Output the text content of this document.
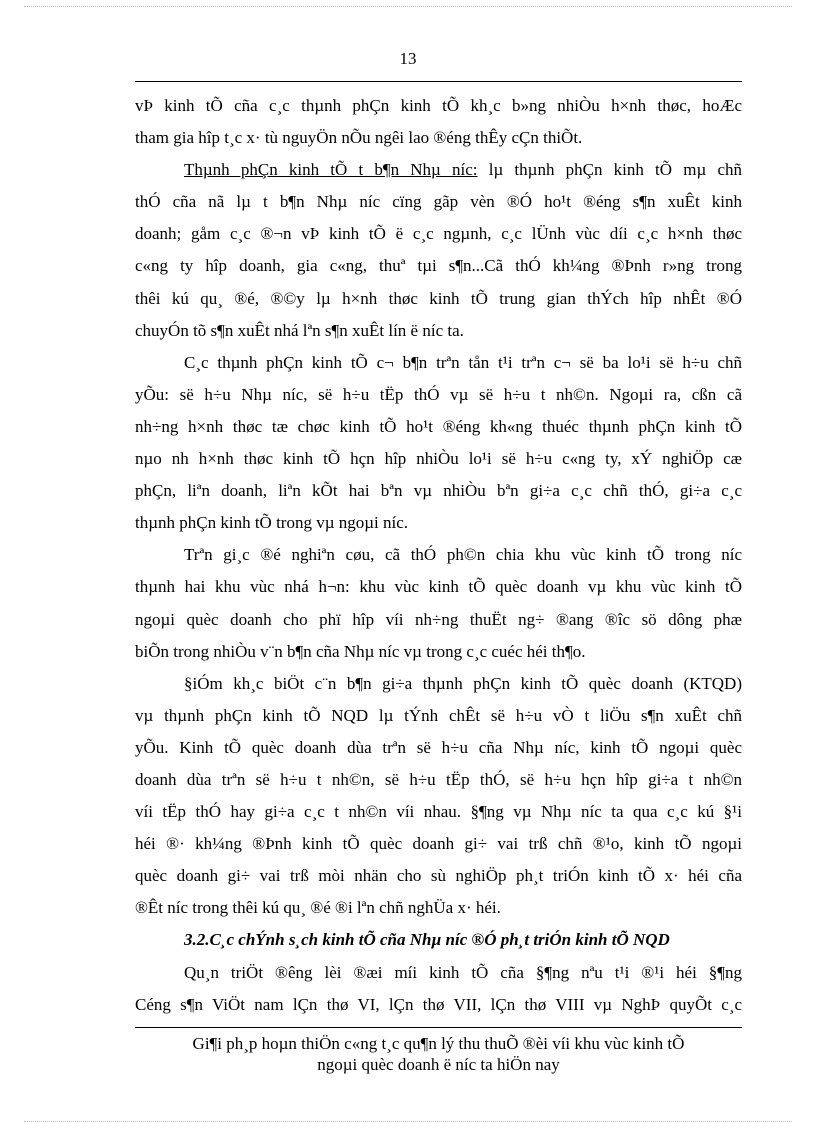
13
vÞ kinh tÕ cña c¸c thµnh phÇn kinh tÕ kh¸c b»ng nhiÒu h×nh thøc, hoÆc
tham gia hîp t¸c x· tù nguyÖn nÕu ngêi lao ®éng thÊy cÇn thiÕt.
Thµnh phÇn kinh tÕ t b¶n Nhµ níc: lµ thµnh phÇn kinh tÕ mµ chñ
thÓ cña nã lµ t b¶n Nhµ níc cïng gãp vèn ®Ó ho¹t ®éng s¶n xuÊt kinh
doanh; gåm c¸c ®¬n vÞ kinh tÕ ë c¸c ngµnh, c¸c lÜnh vùc díi c¸c h×nh thøc
c«ng ty hîp doanh, gia c«ng, thuª tµi s¶n...Cã thÓ kh¼ng ®Þnh r»ng trong
thêi kú qu¸ ®é, ®©y lµ h×nh thøc kinh tÕ trung gian thÝch hîp nhÊt ®Ó
chuyÓn tõ s¶n xuÊt nhá lªn s¶n xuÊt lín ë níc ta.
C¸c thµnh phÇn kinh tÕ c¬ b¶n trªn tån t¹i trªn c¬ së ba lo¹i së h÷u chñ
yÕu: së h÷u Nhµ níc, së h÷u tËp thÓ vµ së h÷u t nh©n. Ngoµi ra, cßn cã
nh÷ng h×nh thøc tæ chøc kinh tÕ ho¹t ®éng kh«ng thuéc thµnh phÇn kinh tÕ
nµo nh h×nh thøc kinh tÕ hçn hîp nhiÒu lo¹i së h÷u c«ng ty, xÝ nghiÖp cæ
phÇn, liªn doanh, liªn kÕt hai bªn vµ nhiÒu bªn gi÷a c¸c chñ thÓ, gi÷a c¸c
thµnh phÇn kinh tÕ trong vµ ngoµi níc.
Trªn gi¸c ®é nghiªn cøu, cã thÓ ph©n chia khu vùc kinh tÕ trong níc
thµnh hai khu vùc nhá h¬n: khu vùc kinh tÕ quèc doanh vµ khu vùc kinh tÕ
ngoµi quèc doanh cho phï hîp víi nh÷ng thuËt ng÷ ®ang ®îc sö dông phæ
biÕn trong nhiÒu v¨n b¶n cña Nhµ níc vµ trong c¸c cuéc héi th¶o.
§iÓm kh¸c biÖt c¨n b¶n gi÷a thµnh phÇn kinh tÕ quèc doanh (KTQD)
vµ thµnh phÇn kinh tÕ NQD lµ tÝnh chÊt së h÷u vÒ t liÖu s¶n xuÊt chñ
yÕu. Kinh tÕ quèc doanh dùa trªn së h÷u cña Nhµ níc, kinh tÕ ngoµi quèc
doanh dùa trªn së h÷u t nh©n, së h÷u tËp thÓ, së h÷u hçn hîp gi÷a t nh©n
víi tËp thÓ hay gi÷a c¸c t nh©n víi nhau. §¶ng vµ Nhµ níc ta qua c¸c kú §¹i
héi ®· kh¼ng ®Þnh kinh tÕ quèc doanh gi÷ vai trß chñ ®¹o, kinh tÕ ngoµi
quèc doanh gi÷ vai trß mòi nhän cho sù nghiÖp ph¸t triÓn kinh tÕ x· héi cña
®Êt níc trong thêi kú qu¸ ®é ®i lªn chñ nghÜa x· héi.
3.2.C¸c chÝnh s¸ch kinh tÕ cña Nhµ níc ®Ó ph¸t triÓn kinh tÕ NQD
Qu¸n triÖt ®êng lèi ®æi míi kinh tÕ cña §¶ng nªu t¹i ®¹i héi §¶ng
Céng s¶n ViÖt nam lÇn thø VI, lÇn thø VII, lÇn thø VIII vµ NghÞ quyÕt c¸c
Gi¶i ph¸p hoµn thiÖn c«ng t¸c qu¶n lý thu thuÕ ®èi víi khu vùc kinh tÕ
ngoµi quèc doanh ë níc ta hiÖn nay
